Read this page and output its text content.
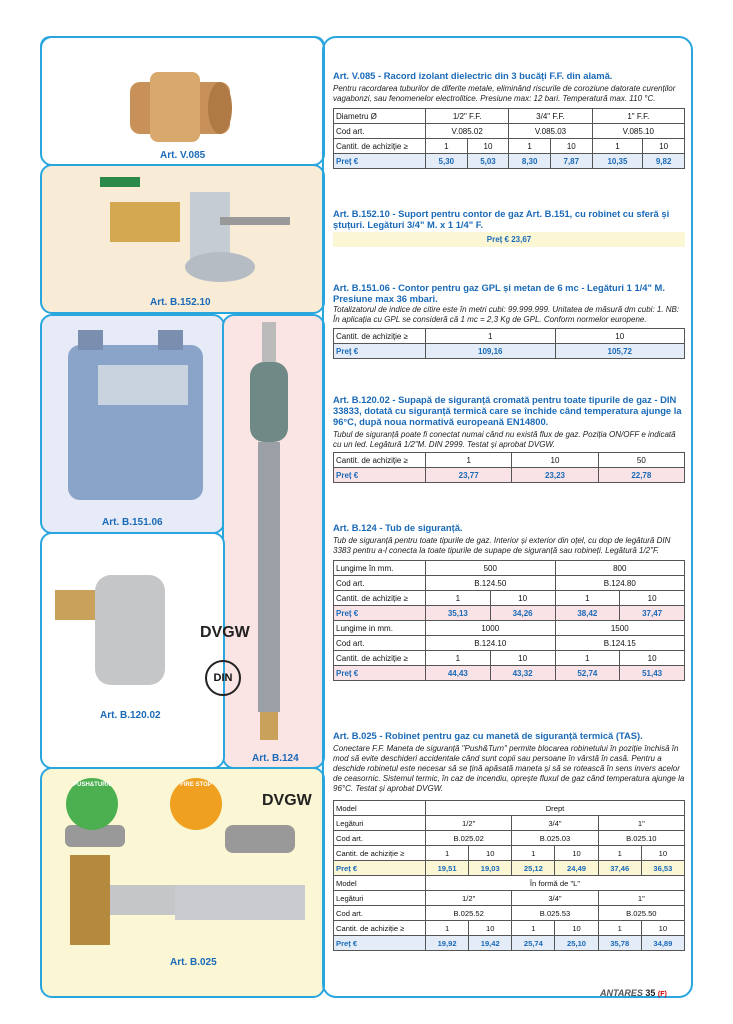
Art. V.085
Art. B.152.10
Art. B.151.06
Art. B.120.02
Art. B.124
Art. B.025
DVGW
DIN
DVGW
PUSH&TURN	FIRE STOP
Art. V.085 - Racord izolant dielectric din 3 bucăți F.F. din alamă.
Pentru racordarea tuburilor de diferite metale, eliminând riscurile de coroziune datorate curenților vagabonzi, sau fenomenelor electrolitice. Presiune max: 12 bari. Temperatură max. 110 °C.
Diametru Ø	1/2" F.F.		3/4" F.F.		1" F.F.	
Cod art.	V.085.02		V.085.03		V.085.10	
Cantit. de achiziție ≥	1	10	1	10	1	10
Preț €	5,30	5,03	8,30	7,87	10,35	9,82
Art. B.152.10 - Suport pentru contor de gaz Art. B.151, cu robinet cu sferă și ștuțuri. Legături 3/4" M. x 1 1/4" F.
Preț € 23,67
Art. B.151.06 - Contor pentru gaz GPL și metan de 6 mc - Legături 1 1/4" M. Presiune max 36 mbari.
Totalizatorul de indice de citire este în metri cubi: 99.999.999. Unitatea de măsură dm cubi: 1. NB: În aplicația cu GPL se consideră că 1 mc = 2,3 Kg de GPL. Conform normelor europene.
Cantit. de achiziție ≥	1	10
Preț €	109,16	105,72
Art. B.120.02 - Supapă de siguranță cromată pentru toate tipurile de gaz - DIN 33833, dotată cu siguranță termică care se închide când temperatura ajunge la 96°C, după noua normativă europeană EN14800.
Tubul de siguranță poate fi conectat numai când nu există flux de gaz. Poziția ON/OFF e indicată cu un led. Legătură 1/2"M. DIN 2999. Testat și aprobat DVGW.
Cantit. de achiziție ≥	1	10	50
Preț €	23,77	23,23	22,78
Art. B.124 - Tub de siguranță.
Tub de siguranță pentru toate tipurile de gaz. Interior și exterior din oțel, cu dop de legătură DIN 3383 pentru a-l conecta la toate tipurile de supape de siguranță sau robineți. Legătură 1/2"F.
Lungime în mm.	500		800	
Cod art.	B.124.50		B.124.80	
Cantit. de achiziție ≥	1	10	1	10
Preț €	35,13	34,26	38,42	37,47
Lungime in mm.	1000		1500	
Cod art.	B.124.10		B.124.15	
Cantit. de achiziție ≥	1	10	1	10
Preț €	44,43	43,32	52,74	51,43
Art. B.025 - Robinet pentru gaz cu manetă de siguranță termică (TAS).
Conectare F.F. Maneta de siguranță "Push&Turn" permite blocarea robinetului în poziție închisă în mod să evite deschideri accidentale când sunt copii sau persoane în vârstă în casă. Pentru a deschide robinetul este necesar să se țină apăsată maneta și să se rotească în sens invers acelor de ceasornic. Sistemul termic, în caz de incendiu, oprește fluxul de gaz când temperatura ajunge la 96°C. Testat și aprobat DVGW.
Model	Drept					
Legături	1/2"		3/4"		1"	
Cod art.	B.025.02		B.025.03		B.025.10	
Cantit. de achiziție ≥	1	10	1	10	1	10
Preț €	19,51	19,03	25,12	24,49	37,46	36,53
Model	În formă de "L"					
Legături	1/2"		3/4"		1"	
Cod art.	B.025.52		B.025.53		B.025.50	
Cantit. de achiziție ≥	1	10	1	10	1	10
Preț €	19,92	19,42	25,74	25,10	35,78	34,89
ANTARES 35 (F)
